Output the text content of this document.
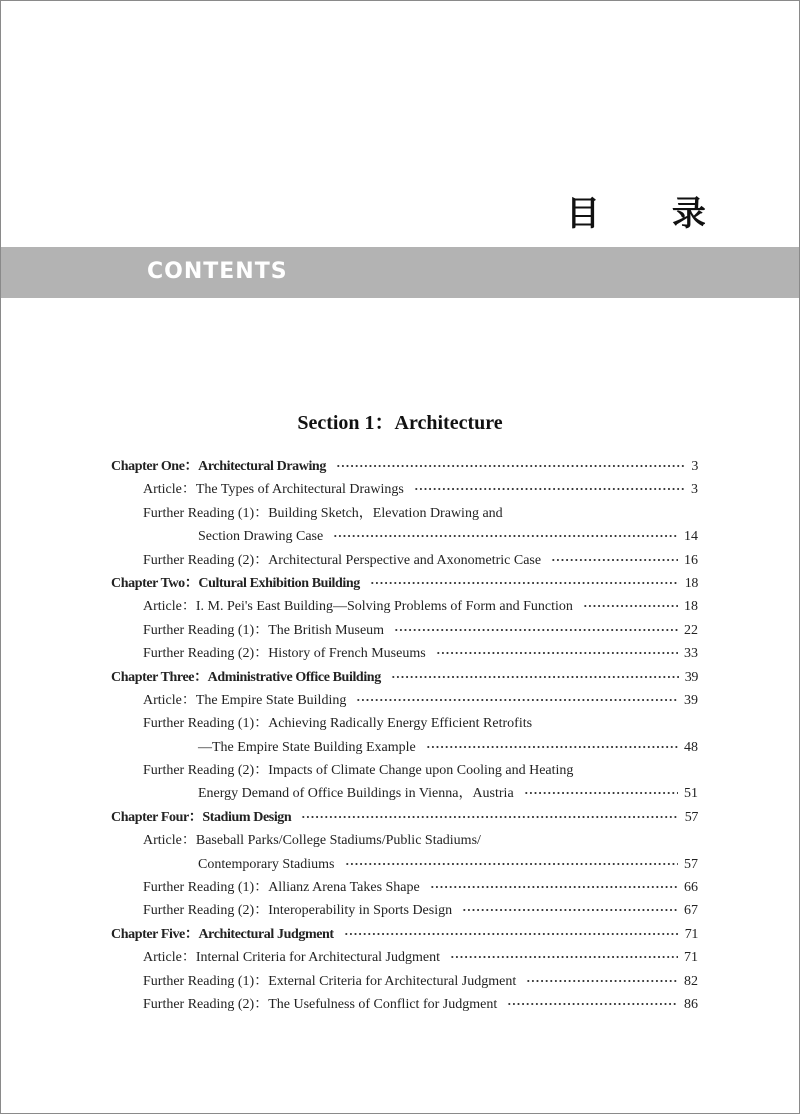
目 录
CONTENTS
Section 1：Architecture
Chapter One：Architectural Drawing	3
Article：The Types of Architectural Drawings	3
Further Reading (1)：Building Sketch，Elevation Drawing and
Section Drawing Case	14
Further Reading (2)：Architectural Perspective and Axonometric Case	16
Chapter Two：Cultural Exhibition Building	18
Article：I. M. Pei's East Building—Solving Problems of Form and Function	18
Further Reading (1)：The British Museum	22
Further Reading (2)：History of French Museums	33
Chapter Three：Administrative Office Building	39
Article：The Empire State Building	39
Further Reading (1)：Achieving Radically Energy Efficient Retrofits
—The Empire State Building Example	48
Further Reading (2)：Impacts of Climate Change upon Cooling and Heating
Energy Demand of Office Buildings in Vienna，Austria	51
Chapter Four：Stadium Design	57
Article：Baseball Parks/College Stadiums/Public Stadiums/
Contemporary Stadiums	57
Further Reading (1)：Allianz Arena Takes Shape	66
Further Reading (2)：Interoperability in Sports Design	67
Chapter Five：Architectural Judgment	71
Article：Internal Criteria for Architectural Judgment	71
Further Reading (1)：External Criteria for Architectural Judgment	82
Further Reading (2)：The Usefulness of Conflict for Judgment	86
